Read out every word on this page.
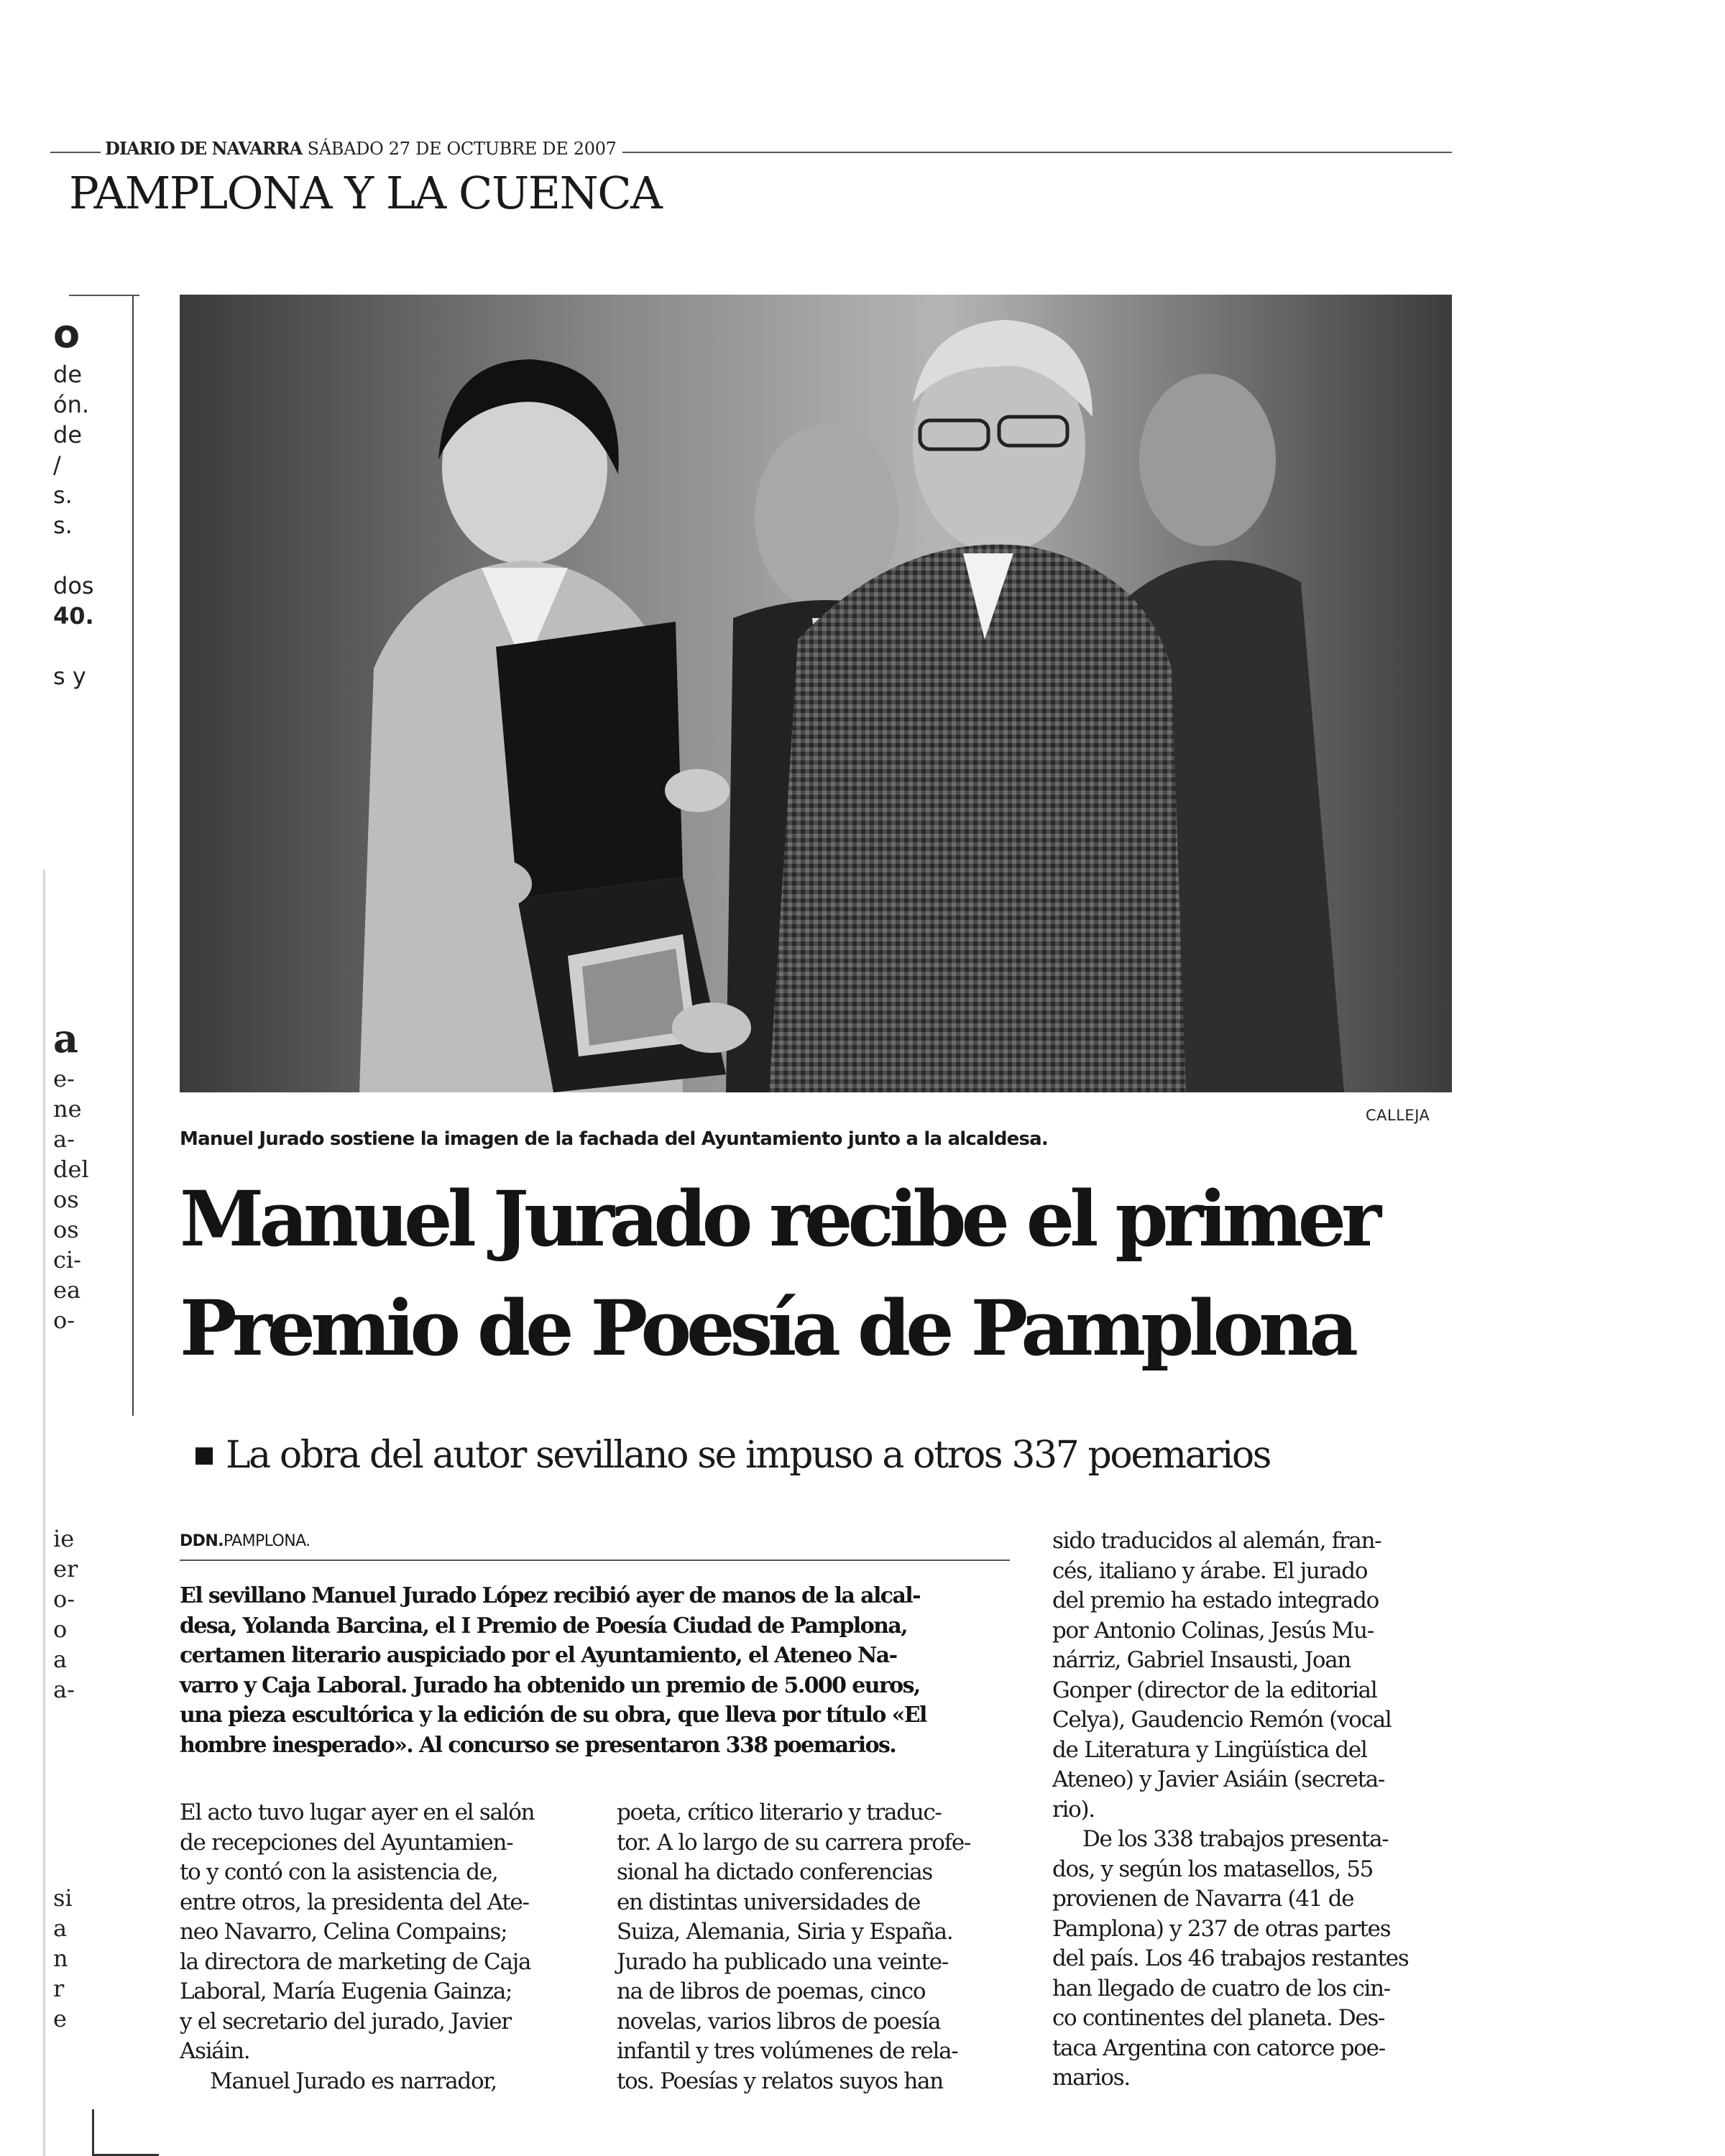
o
de
ón.
de
/
s.
s.

dos
40.

s y
a
e-
ne
a-
del
os
os
ci-
ea
o-
ie
er
o-
o
a
a-
si
a
n
r
e
DIARIO DE NAVARRA SÁBADO 27 DE OCTUBRE DE 2007
PAMPLONA Y LA CUENCA
CALLEJA
Manuel Jurado sostiene la imagen de la fachada del Ayuntamiento junto a la alcaldesa.
Manuel Jurado recibe el primer
Premio de Poesía de Pamplona
La obra del autor sevillano se impuso a otros 337 poemarios
DDN.PAMPLONA.
El sevillano Manuel Jurado López recibió ayer de manos de la alcal-
desa, Yolanda Barcina, el I Premio de Poesía Ciudad de Pamplona,
certamen literario auspiciado por el Ayuntamiento, el Ateneo Na-
varro y Caja Laboral. Jurado ha obtenido un premio de 5.000 euros,
una pieza escultórica y la edición de su obra, que lleva por título «El
hombre inesperado». Al concurso se presentaron 338 poemarios.
El acto tuvo lugar ayer en el salón
de recepciones del Ayuntamien-
to y contó con la asistencia de,
entre otros, la presidenta del Ate-
neo Navarro, Celina Compains;
la directora de marketing de Caja
Laboral, María Eugenia Gainza;
y el secretario del jurado, Javier
Asiáin.
Manuel Jurado es narrador,
poeta, crítico literario y traduc-
tor. A lo largo de su carrera profe-
sional ha dictado conferencias
en distintas universidades de
Suiza, Alemania, Siria y España.
Jurado ha publicado una veinte-
na de libros de poemas, cinco
novelas, varios libros de poesía
infantil y tres volúmenes de rela-
tos. Poesías y relatos suyos han
sido traducidos al alemán, fran-
cés, italiano y árabe. El jurado
del premio ha estado integrado
por Antonio Colinas, Jesús Mu-
nárriz, Gabriel Insausti, Joan
Gonper (director de la editorial
Celya), Gaudencio Remón (vocal
de Literatura y Lingüística del
Ateneo) y Javier Asiáin (secreta-
rio).
De los 338 trabajos presenta-
dos, y según los matasellos, 55
provienen de Navarra (41 de
Pamplona) y 237 de otras partes
del país. Los 46 trabajos restantes
han llegado de cuatro de los cin-
co continentes del planeta. Des-
taca Argentina con catorce poe-
marios.
